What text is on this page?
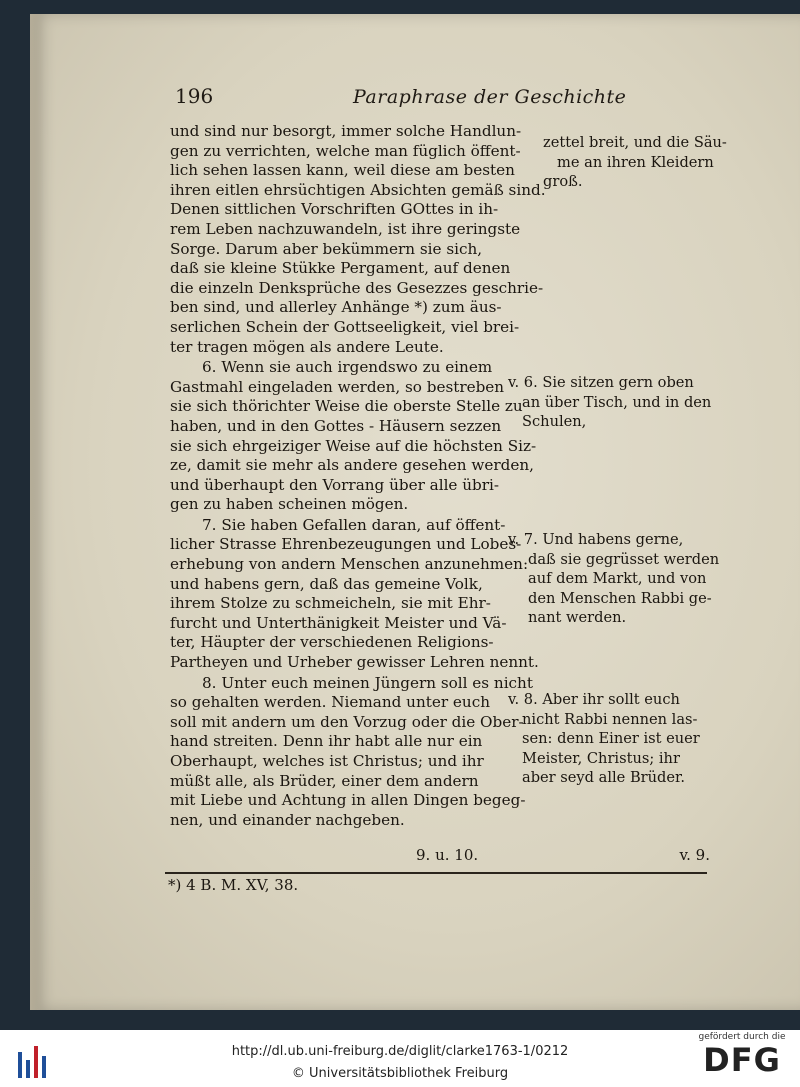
196	Paraphrase der Geschichte

und sind nur besorgt, immer solche Handlun-
gen zu verrichten, welche man füglich öffent-
lich sehen lassen kann, weil diese am besten
ihren eitlen ehrsüchtigen Absichten gemäß sind.
Denen sittlichen Vorschriften GOttes in ih-
rem Leben nachzuwandeln, ist ihre geringste
Sorge. Darum aber bekümmern sie sich,
daß sie kleine Stükke Pergament, auf denen
die einzeln Denksprüche des Gesezzes geschrie-
ben sind, und allerley Anhänge *) zum äus-
serlichen Schein der Gottseeligkeit, viel brei-
ter tragen mögen als andere Leute.

6. Wenn sie auch irgendswo zu einem
Gastmahl eingeladen werden, so bestreben
sie sich thörichter Weise die oberste Stelle zu
haben, und in den Gottes - Häusern sezzen
sie sich ehrgeiziger Weise auf die höchsten Siz-
ze, damit sie mehr als andere gesehen werden,
und überhaupt den Vorrang über alle übri-
gen zu haben scheinen mögen.

7. Sie haben Gefallen daran, auf öffent-
licher Strasse Ehrenbezeugungen und Lobes-
erhebung von andern Menschen anzunehmen:
und habens gern, daß das gemeine Volk,
ihrem Stolze zu schmeicheln, sie mit Ehr-
furcht und Unterthänigkeit Meister und Vä-
ter, Häupter der verschiedenen Religions-
Partheyen und Urheber gewisser Lehren nennt.

8. Unter euch meinen Jüngern soll es nicht
so gehalten werden. Niemand unter euch
soll mit andern um den Vorzug oder die Ober-
hand streiten. Denn ihr habt alle nur ein
Oberhaupt, welches ist Christus; und ihr
müßt alle, als Brüder, einer dem andern
mit Liebe und Achtung in allen Dingen begeg-
nen, und einander nachgeben.

zettel breit, und die Säu-
me an ihren Kleidern
groß.
v. 6. Sie sitzen gern oben
an über Tisch, und in den
Schulen,
v. 7. Und habens gerne,
daß sie gegrüsset werden
auf dem Markt, und von
den Menschen Rabbi ge-
nant werden.
v. 8. Aber ihr sollt euch
nicht Rabbi nennen las-
sen: denn Einer ist euer
Meister, Christus; ihr
aber seyd alle Brüder.
9. u. 10.	v. 9.
*) 4 B. M. XV, 38.
http://dl.ub.uni-freiburg.de/diglit/clarke1763-1/0212
© Universitätsbibliothek Freiburg
gefördert durch die
DFG
